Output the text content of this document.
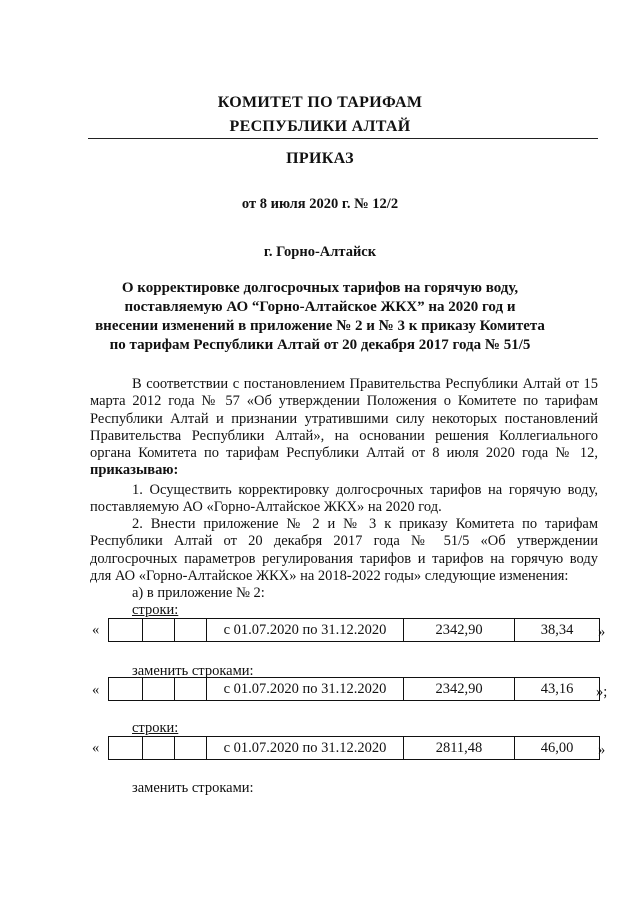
КОМИТЕТ ПО ТАРИФАМ
РЕСПУБЛИКИ АЛТАЙ
ПРИКАЗ
от 8 июля 2020 г. № 12/2
г. Горно-Алтайск
О корректировке долгосрочных тарифов на горячую воду,
поставляемую АО “Горно-Алтайское ЖКХ” на 2020 год и
внесении изменений в приложение № 2 и № 3 к приказу Комитета
по тарифам Республики Алтай от 20 декабря 2017 года № 51/5
В соответствии с постановлением Правительства Республики Алтай от 15 марта 2012 года № 57 «Об утверждении Положения о Комитете по тарифам Республики Алтай и признании утратившими силу некоторых постановлений Правительства Республики Алтай», на основании решения Коллегиального органа Комитета по тарифам Республики Алтай от 8 июля 2020 года № 12, приказываю:
1. Осуществить корректировку долгосрочных тарифов на горячую воду, поставляемую АО «Горно-Алтайское ЖКХ» на 2020 год.
2. Внести приложение № 2 и № 3 к приказу Комитета по тарифам Республики Алтай от 20 декабря 2017 года № 51/5 «Об утверждении долгосрочных параметров регулирования тарифов и тарифов на горячую воду для АО «Горно-Алтайское ЖКХ» на 2018-2022 годы» следующие изменения:
а) в приложение № 2:
строки:
«
				с 01.07.2020 по 31.12.2020	2342,90	38,34 »
заменить строками:
«
				с 01.07.2020 по 31.12.2020	2342,90	43,16 »;
строки:
«
				с 01.07.2020 по 31.12.2020	2811,48	46,00 »
заменить строками:
